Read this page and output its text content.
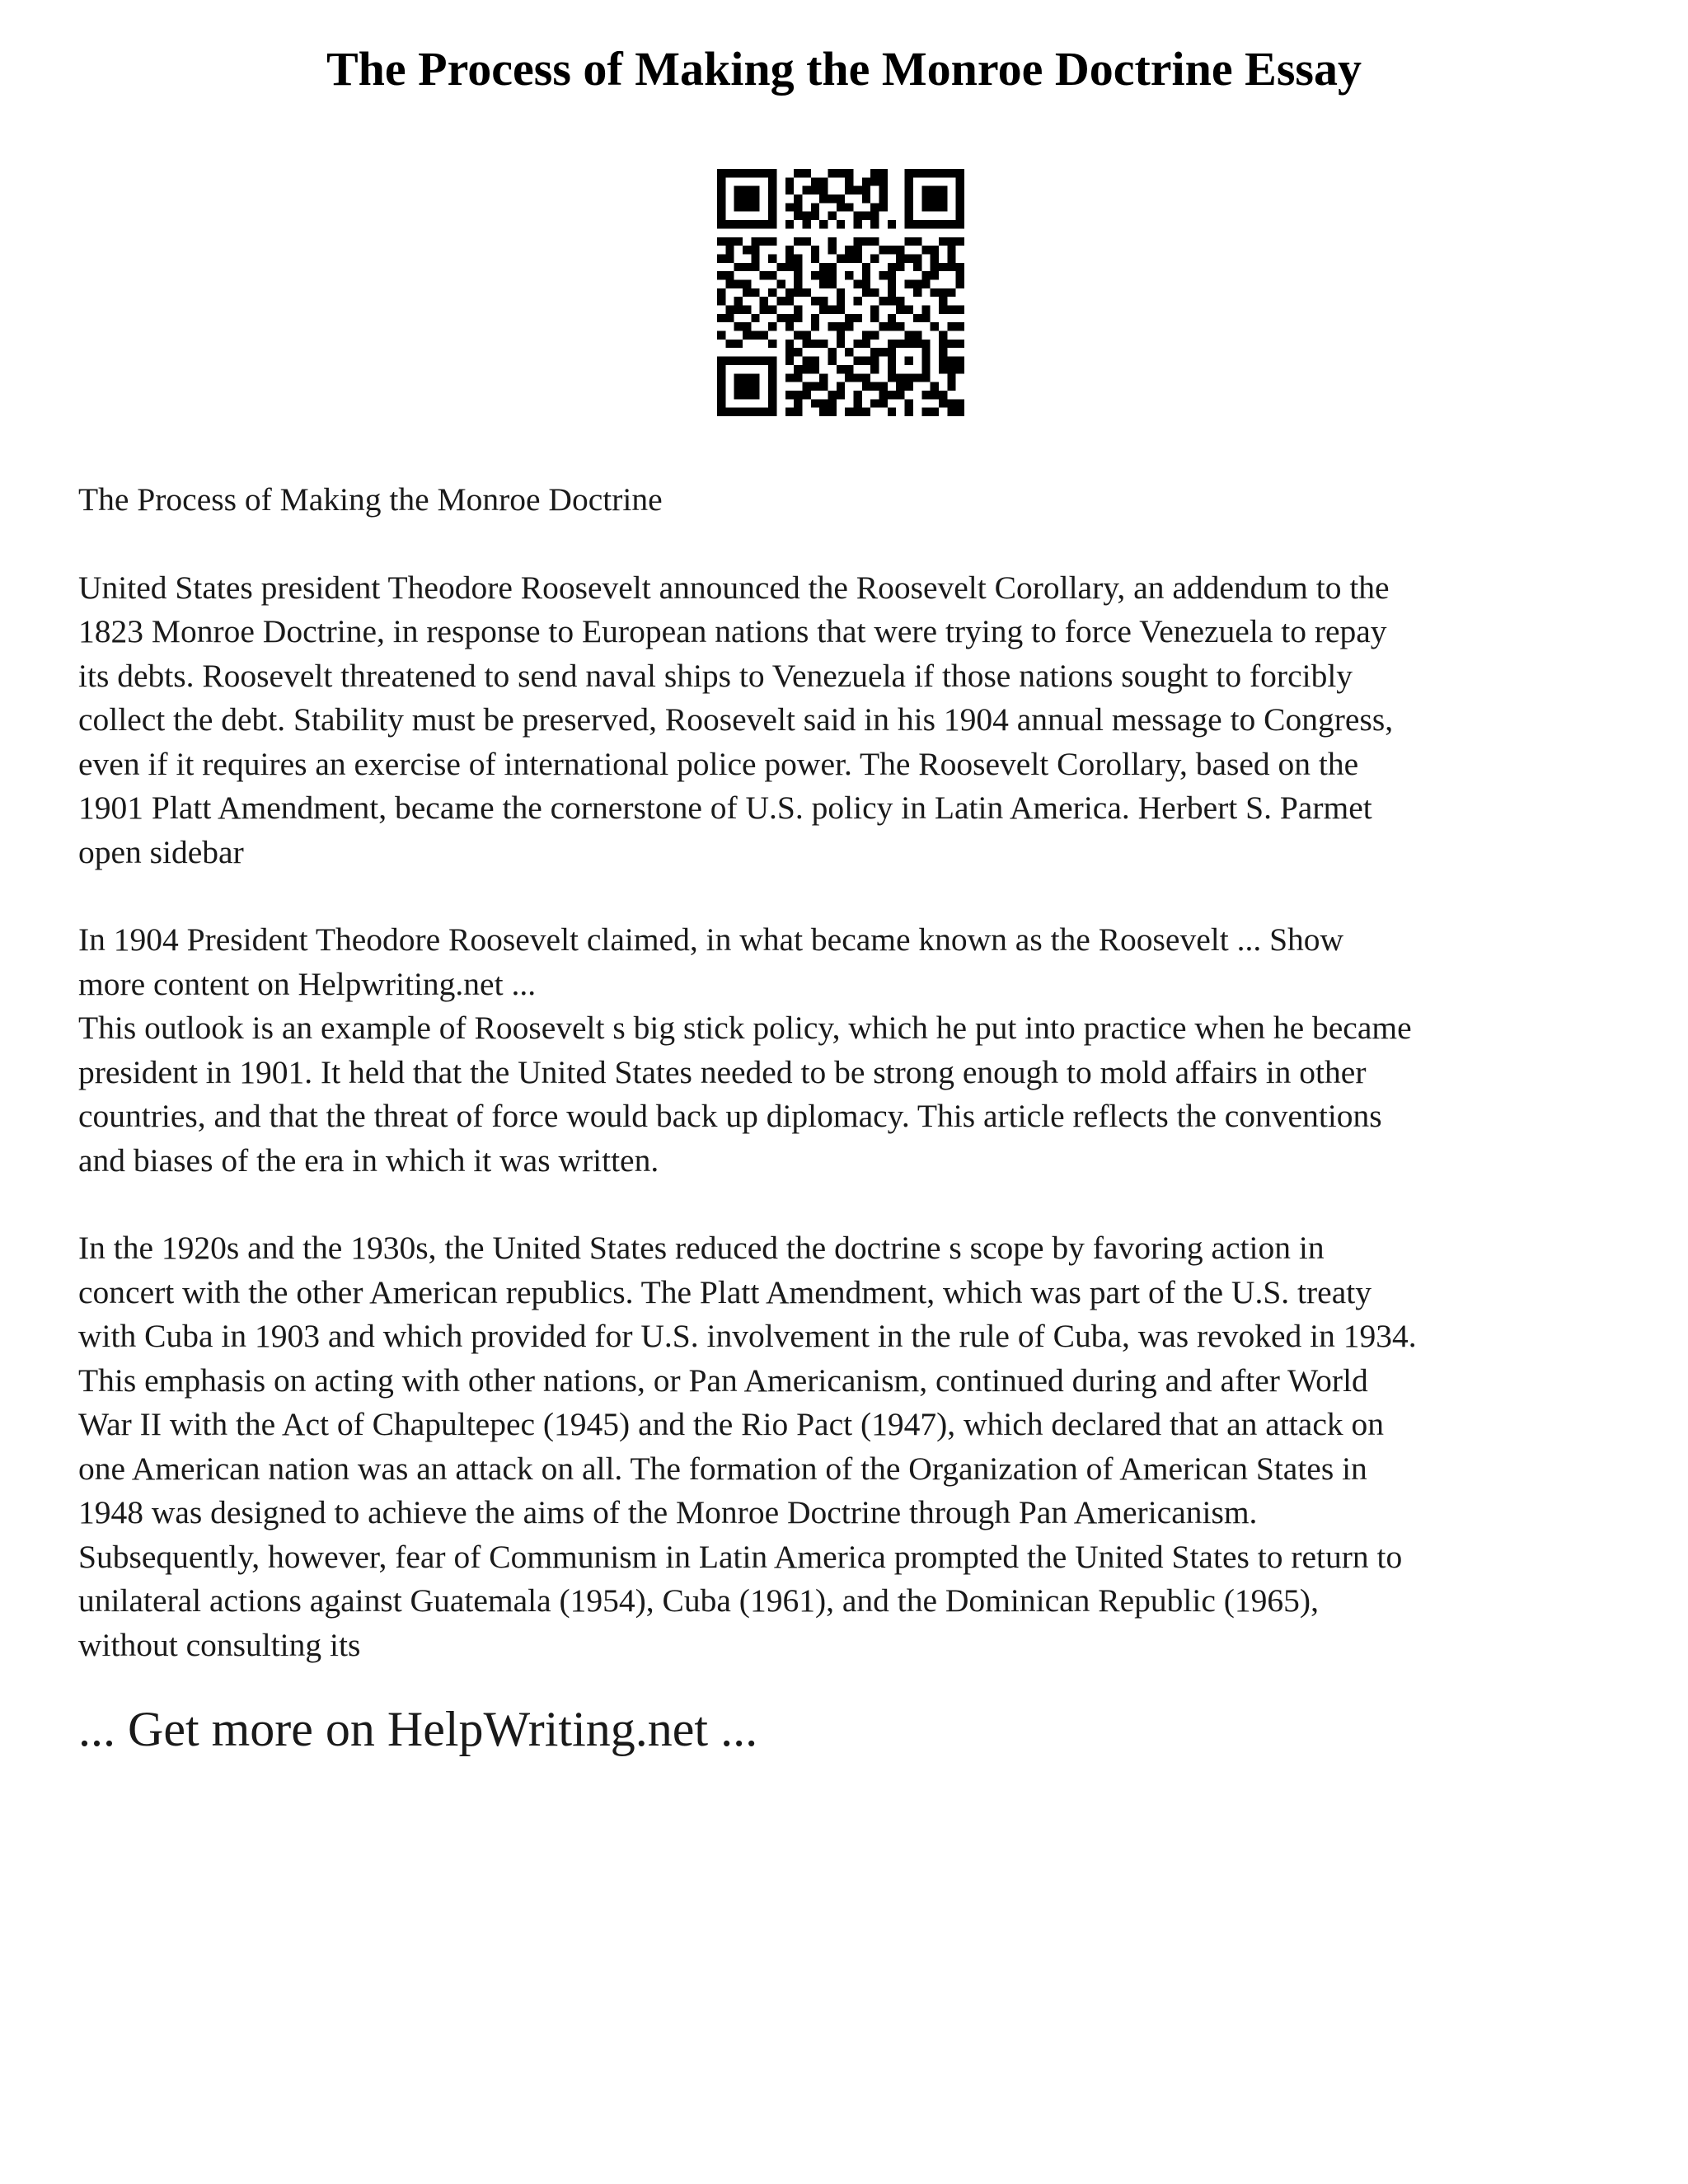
The Process of Making the Monroe Doctrine Essay

The Process of Making the Monroe Doctrine

United States president Theodore Roosevelt announced the Roosevelt Corollary, an addendum to the
1823 Monroe Doctrine, in response to European nations that were trying to force Venezuela to repay
its debts. Roosevelt threatened to send naval ships to Venezuela if those nations sought to forcibly
collect the debt. Stability must be preserved, Roosevelt said in his 1904 annual message to Congress,
even if it requires an exercise of international police power. The Roosevelt Corollary, based on the
1901 Platt Amendment, became the cornerstone of U.S. policy in Latin America. Herbert S. Parmet
open sidebar

In 1904 President Theodore Roosevelt claimed, in what became known as the Roosevelt ... Show
more content on Helpwriting.net ...

This outlook is an example of Roosevelt s big stick policy, which he put into practice when he became
president in 1901. It held that the United States needed to be strong enough to mold affairs in other
countries, and that the threat of force would back up diplomacy. This article reflects the conventions
and biases of the era in which it was written.

In the 1920s and the 1930s, the United States reduced the doctrine s scope by favoring action in
concert with the other American republics. The Platt Amendment, which was part of the U.S. treaty
with Cuba in 1903 and which provided for U.S. involvement in the rule of Cuba, was revoked in 1934.
This emphasis on acting with other nations, or Pan Americanism, continued during and after World
War II with the Act of Chapultepec (1945) and the Rio Pact (1947), which declared that an attack on
one American nation was an attack on all. The formation of the Organization of American States in
1948 was designed to achieve the aims of the Monroe Doctrine through Pan Americanism.
Subsequently, however, fear of Communism in Latin America prompted the United States to return to
unilateral actions against Guatemala (1954), Cuba (1961), and the Dominican Republic (1965),
without consulting its

... Get more on HelpWriting.net ...
